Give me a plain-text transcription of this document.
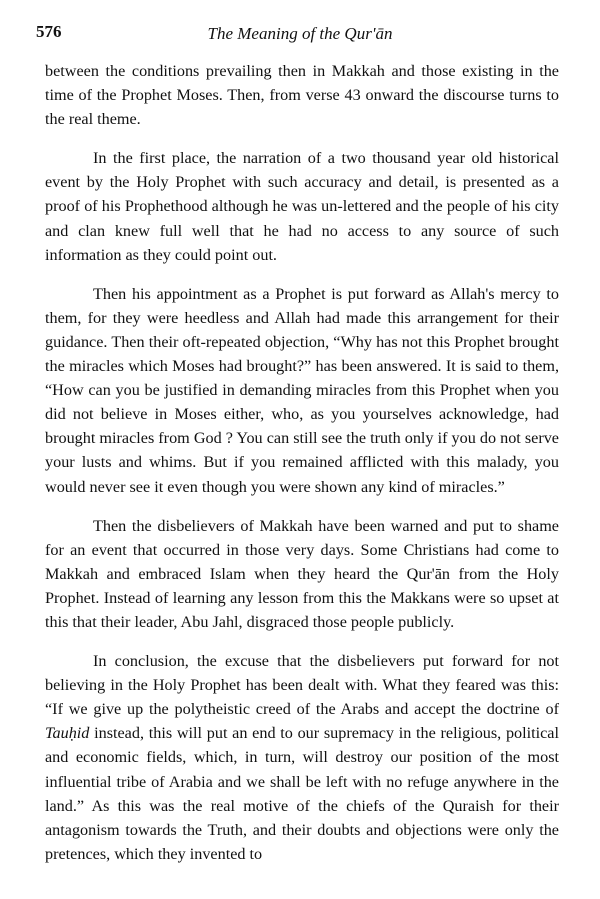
576	The Meaning of the Qur'ān

between the conditions prevailing then in Makkah and those existing in the time of the Prophet Moses. Then, from verse 43 onward the discourse turns to the real theme.

In the first place, the narration of a two thousand year old historical event by the Holy Prophet with such accuracy and detail, is presented as a proof of his Prophethood although he was un-lettered and the people of his city and clan knew full well that he had no access to any source of such information as they could point out.

Then his appointment as a Prophet is put forward as Allah's mercy to them, for they were heedless and Allah had made this arrangement for their guidance. Then their oft-repeated objection, “Why has not this Prophet brought the miracles which Moses had brought?” has been answered. It is said to them, “How can you be justified in demanding miracles from this Prophet when you did not believe in Moses either, who, as you yourselves acknowledge, had brought miracles from God ? You can still see the truth only if you do not serve your lusts and whims. But if you remained afflicted with this malady, you would never see it even though you were shown any kind of miracles.”

Then the disbelievers of Makkah have been warned and put to shame for an event that occurred in those very days. Some Christians had come to Makkah and embraced Islam when they heard the Qur'ān from the Holy Prophet. Instead of learning any lesson from this the Makkans were so upset at this that their leader, Abu Jahl, disgraced those people publicly.

In conclusion, the excuse that the disbelievers put forward for not believing in the Holy Prophet has been dealt with. What they feared was this: “If we give up the polytheistic creed of the Arabs and accept the doctrine of Tauḥid instead, this will put an end to our supremacy in the religious, political and economic fields, which, in turn, will destroy our position of the most influential tribe of Arabia and we shall be left with no refuge anywhere in the land.” As this was the real motive of the chiefs of the Quraish for their antagonism towards the Truth, and their doubts and objections were only the pretences, which they invented to
